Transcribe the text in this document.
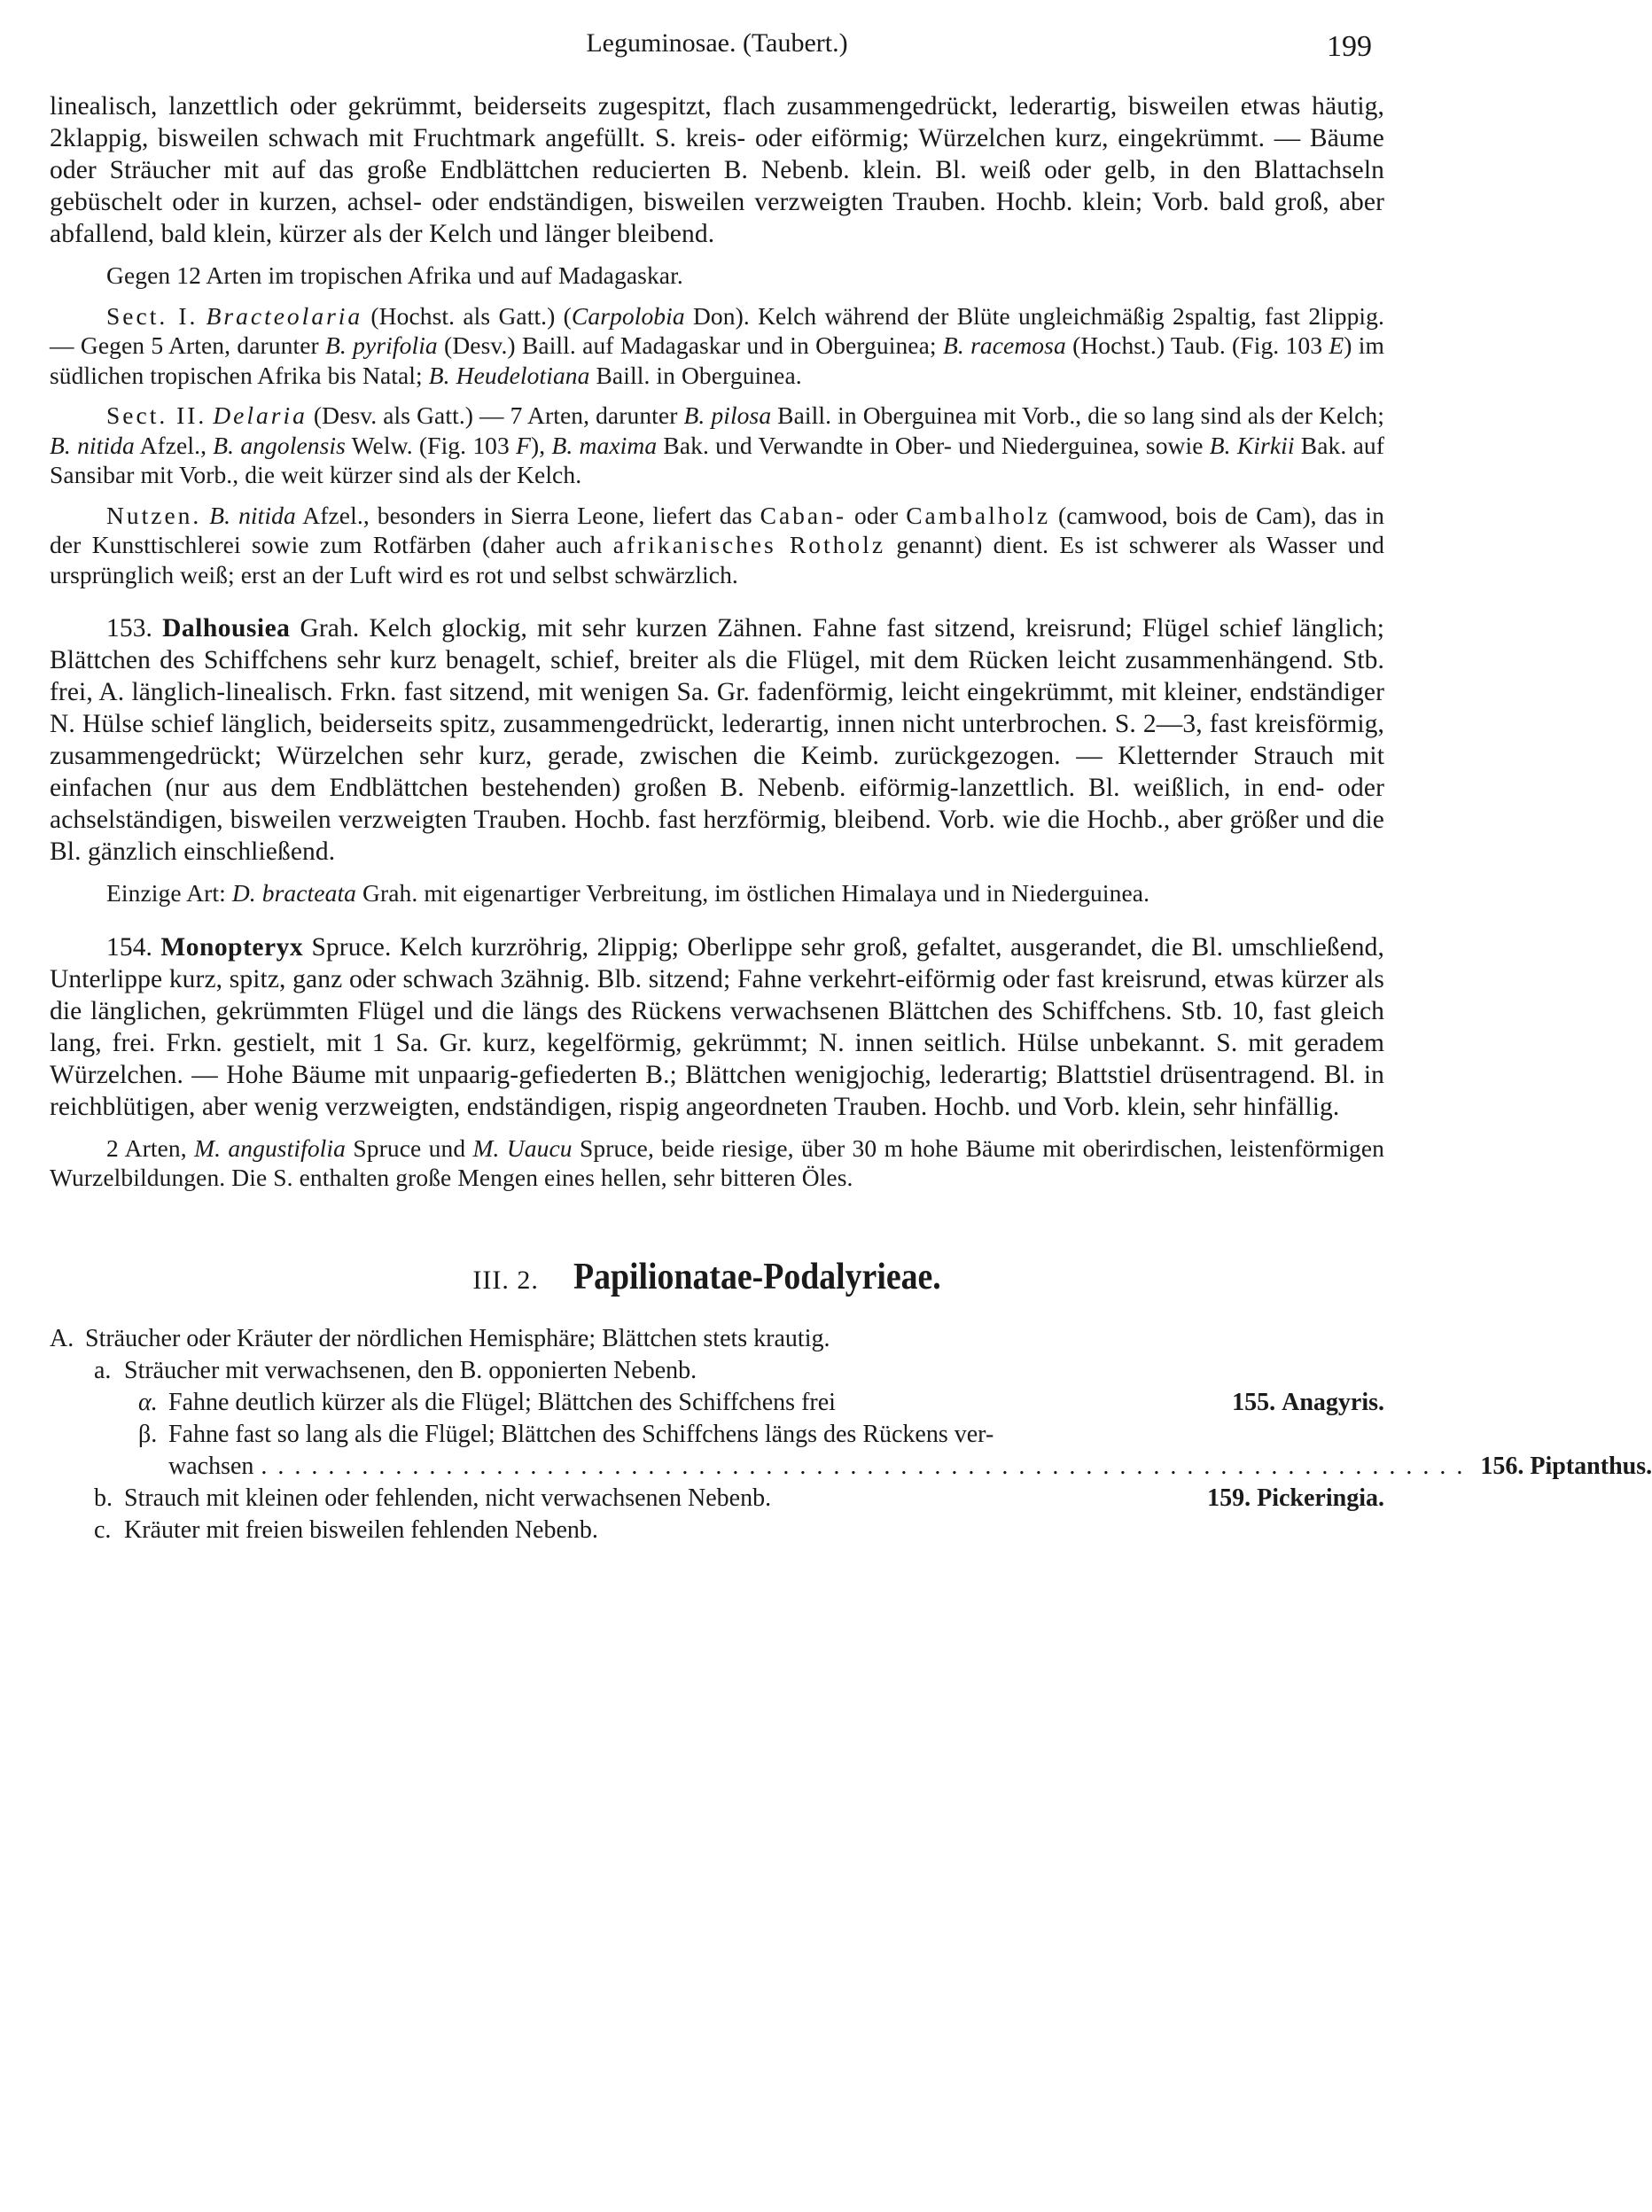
Leguminosae. (Taubert.)	199

linealisch, lanzettlich oder gekrümmt, beiderseits zugespitzt, flach zusammengedrückt, lederartig, bisweilen etwas häutig, 2klappig, bisweilen schwach mit Fruchtmark angefüllt. S. kreis- oder eiförmig; Würzelchen kurz, eingekrümmt. — Bäume oder Sträucher mit auf das große Endblättchen reducierten B. Nebenb. klein. Bl. weiß oder gelb, in den Blattachseln gebüschelt oder in kurzen, achsel- oder endständigen, bisweilen verzweigten Trauben. Hochb. klein; Vorb. bald groß, aber abfallend, bald klein, kürzer als der Kelch und länger bleibend.

Gegen 12 Arten im tropischen Afrika und auf Madagaskar.

Sect. I. Bracteolaria (Hochst. als Gatt.) (Carpolobia Don). Kelch während der Blüte ungleichmäßig 2spaltig, fast 2lippig. — Gegen 5 Arten, darunter B. pyrifolia (Desv.) Baill. auf Madagaskar und in Oberguinea; B. racemosa (Hochst.) Taub. (Fig. 103 E) im südlichen tropischen Afrika bis Natal; B. Heudelotiana Baill. in Oberguinea.

Sect. II. Delaria (Desv. als Gatt.) — 7 Arten, darunter B. pilosa Baill. in Oberguinea mit Vorb., die so lang sind als der Kelch; B. nitida Afzel., B. angolensis Welw. (Fig. 103 F), B. maxima Bak. und Verwandte in Ober- und Niederguinea, sowie B. Kirkii Bak. auf Sansibar mit Vorb., die weit kürzer sind als der Kelch.

Nutzen. B. nitida Afzel., besonders in Sierra Leone, liefert das Caban- oder Cambalholz (camwood, bois de Cam), das in der Kunsttischlerei sowie zum Rotfärben (daher auch afrikanisches Rotholz genannt) dient. Es ist schwerer als Wasser und ursprünglich weiß; erst an der Luft wird es rot und selbst schwärzlich.

153. Dalhousiea Grah. Kelch glockig, mit sehr kurzen Zähnen. Fahne fast sitzend, kreisrund; Flügel schief länglich; Blättchen des Schiffchens sehr kurz benagelt, schief, breiter als die Flügel, mit dem Rücken leicht zusammenhängend. Stb. frei, A. länglich-linealisch. Frkn. fast sitzend, mit wenigen Sa. Gr. fadenförmig, leicht eingekrümmt, mit kleiner, endständiger N. Hülse schief länglich, beiderseits spitz, zusammengedrückt, lederartig, innen nicht unterbrochen. S. 2—3, fast kreisförmig, zusammengedrückt; Würzelchen sehr kurz, gerade, zwischen die Keimb. zurückgezogen. — Kletternder Strauch mit einfachen (nur aus dem Endblättchen bestehenden) großen B. Nebenb. eiförmig-lanzettlich. Bl. weißlich, in end- oder achselständigen, bisweilen verzweigten Trauben. Hochb. fast herzförmig, bleibend. Vorb. wie die Hochb., aber größer und die Bl. gänzlich einschließend.

Einzige Art: D. bracteata Grah. mit eigenartiger Verbreitung, im östlichen Himalaya und in Niederguinea.

154. Monopteryx Spruce. Kelch kurzröhrig, 2lippig; Oberlippe sehr groß, gefaltet, ausgerandet, die Bl. umschließend, Unterlippe kurz, spitz, ganz oder schwach 3zähnig. Blb. sitzend; Fahne verkehrt-eiförmig oder fast kreisrund, etwas kürzer als die länglichen, gekrümmten Flügel und die längs des Rückens verwachsenen Blättchen des Schiffchens. Stb. 10, fast gleich lang, frei. Frkn. gestielt, mit 1 Sa. Gr. kurz, kegelförmig, gekrümmt; N. innen seitlich. Hülse unbekannt. S. mit geradem Würzelchen. — Hohe Bäume mit unpaarig-gefiederten B.; Blättchen wenigjochig, lederartig; Blattstiel drüsentragend. Bl. in reichblütigen, aber wenig verzweigten, endständigen, rispig angeordneten Trauben. Hochb. und Vorb. klein, sehr hinfällig.

2 Arten, M. angustifolia Spruce und M. Uaucu Spruce, beide riesige, über 30 m hohe Bäume mit oberirdischen, leistenförmigen Wurzelbildungen. Die S. enthalten große Mengen eines hellen, sehr bitteren Öles.

III. 2. Papilionatae-Podalyrieae.
A. Sträucher oder Kräuter der nördlichen Hemisphäre; Blättchen stets krautig.
a. Sträucher mit verwachsenen, den B. opponierten Nebenb.
α. Fahne deutlich kürzer als die Flügel; Blättchen des Schiffchens frei	155. Anagyris.
β. Fahne fast so lang als die Flügel; Blättchen des Schiffchens längs des Rückens ver-
wachsen ........................................................................ 156. Piptanthus.
b. Strauch mit kleinen oder fehlenden, nicht verwachsenen Nebenb.	159. Pickeringia.
c. Kräuter mit freien bisweilen fehlenden Nebenb.
